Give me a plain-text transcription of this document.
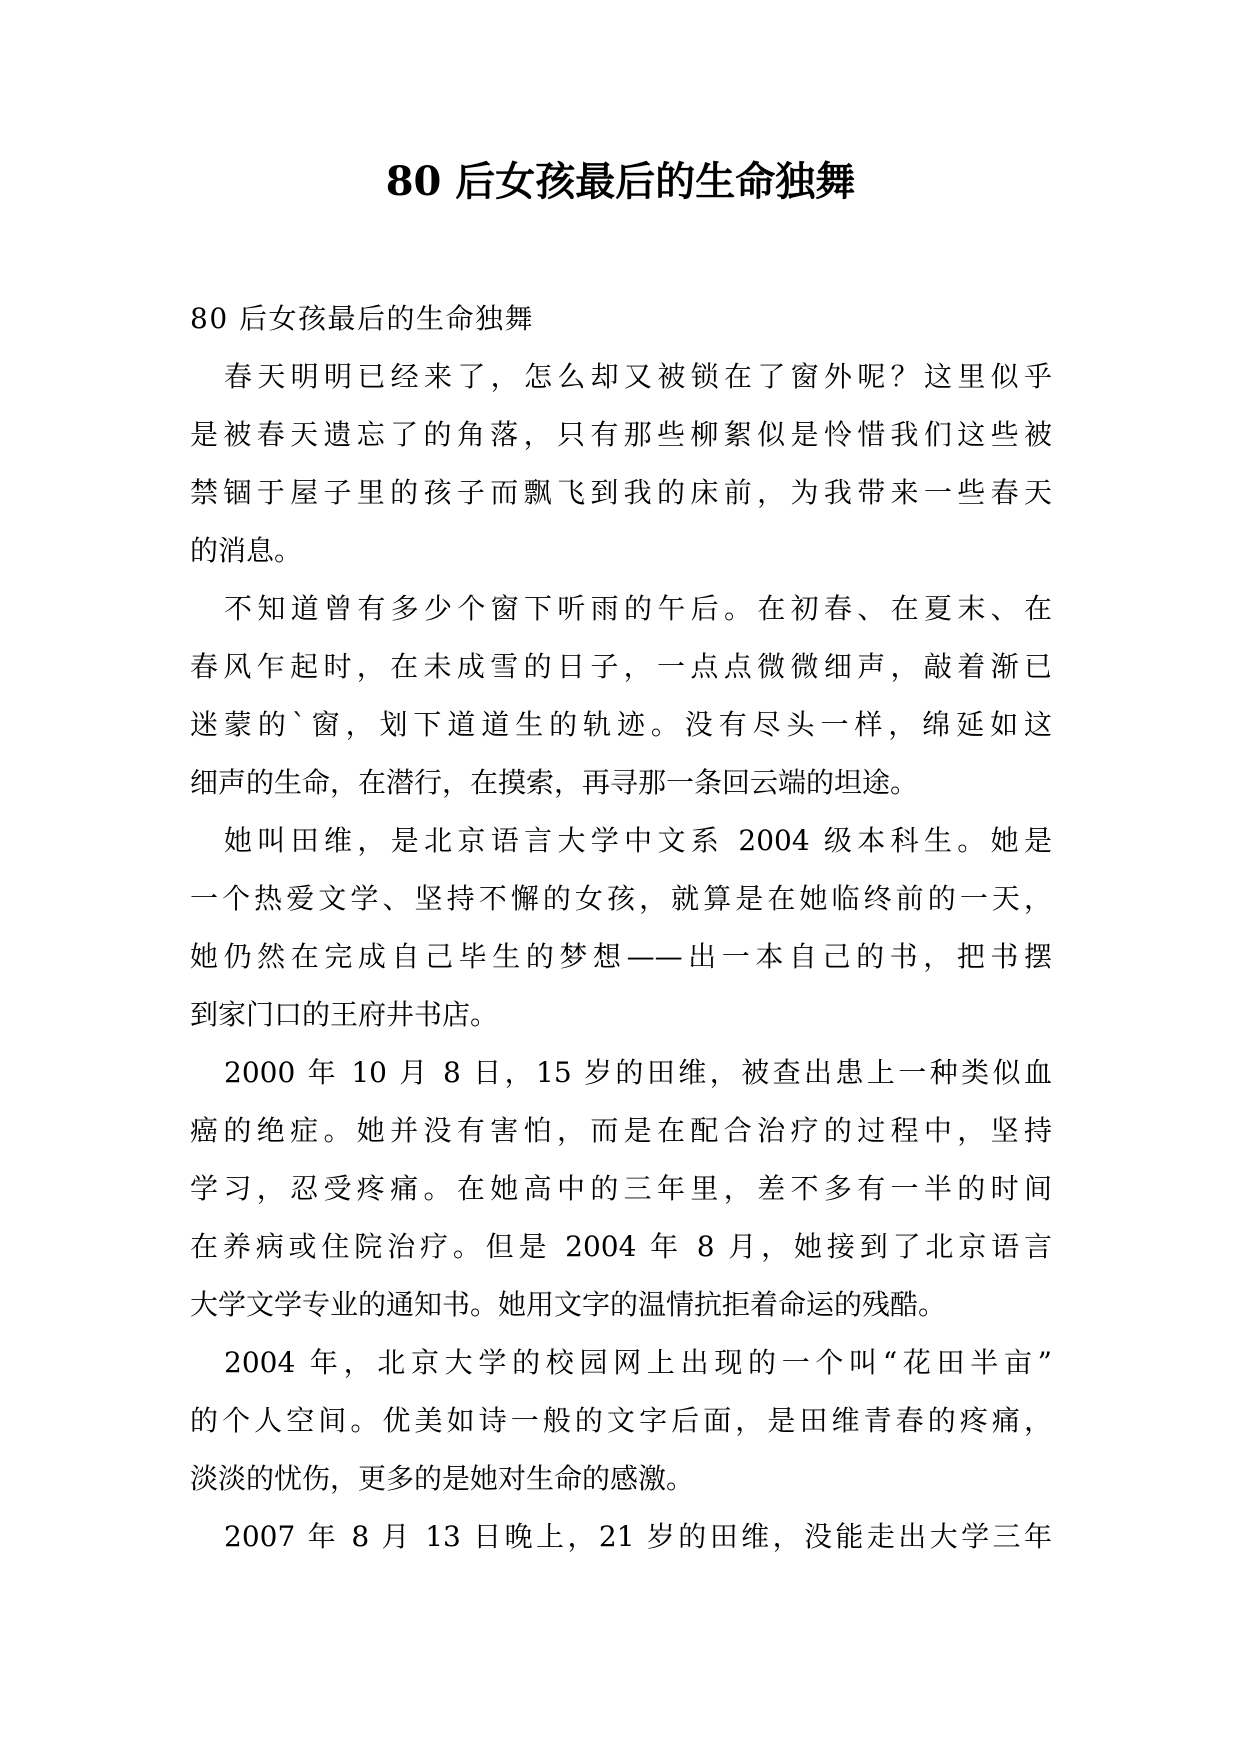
80 后女孩最后的生命独舞

80 后女孩最后的生命独舞

春天明明已经来了，怎么却又被锁在了窗外呢？这里似乎
是被春天遗忘了的角落，只有那些柳絮似是怜惜我们这些被
禁锢于屋子里的孩子而飘飞到我的床前，为我带来一些春天
的消息。

不知道曾有多少个窗下听雨的午后。在初春、在夏末、在
春风乍起时，在未成雪的日子，一点点微微细声，敲着渐已
迷蒙的`窗，划下道道生的轨迹。没有尽头一样，绵延如这
细声的生命，在潜行，在摸索，再寻那一条回云端的坦途。

她叫田维，是北京语言大学中文系 2004 级本科生。她是
一个热爱文学、坚持不懈的女孩，就算是在她临终前的一天，
她仍然在完成自己毕生的梦想——出一本自己的书，把书摆
到家门口的王府井书店。

2000 年 10 月 8 日，15 岁的田维，被查出患上一种类似血
癌的绝症。她并没有害怕，而是在配合治疗的过程中，坚持
学习，忍受疼痛。在她高中的三年里，差不多有一半的时间
在养病或住院治疗。但是 2004 年 8 月，她接到了北京语言
大学文学专业的通知书。她用文字的温情抗拒着命运的残酷。

2004 年，北京大学的校园网上出现的一个叫“花田半亩”
的个人空间。优美如诗一般的文字后面，是田维青春的疼痛，
淡淡的忧伤，更多的是她对生命的感激。

2007 年 8 月 13 日晚上，21 岁的田维，没能走出大学三年
